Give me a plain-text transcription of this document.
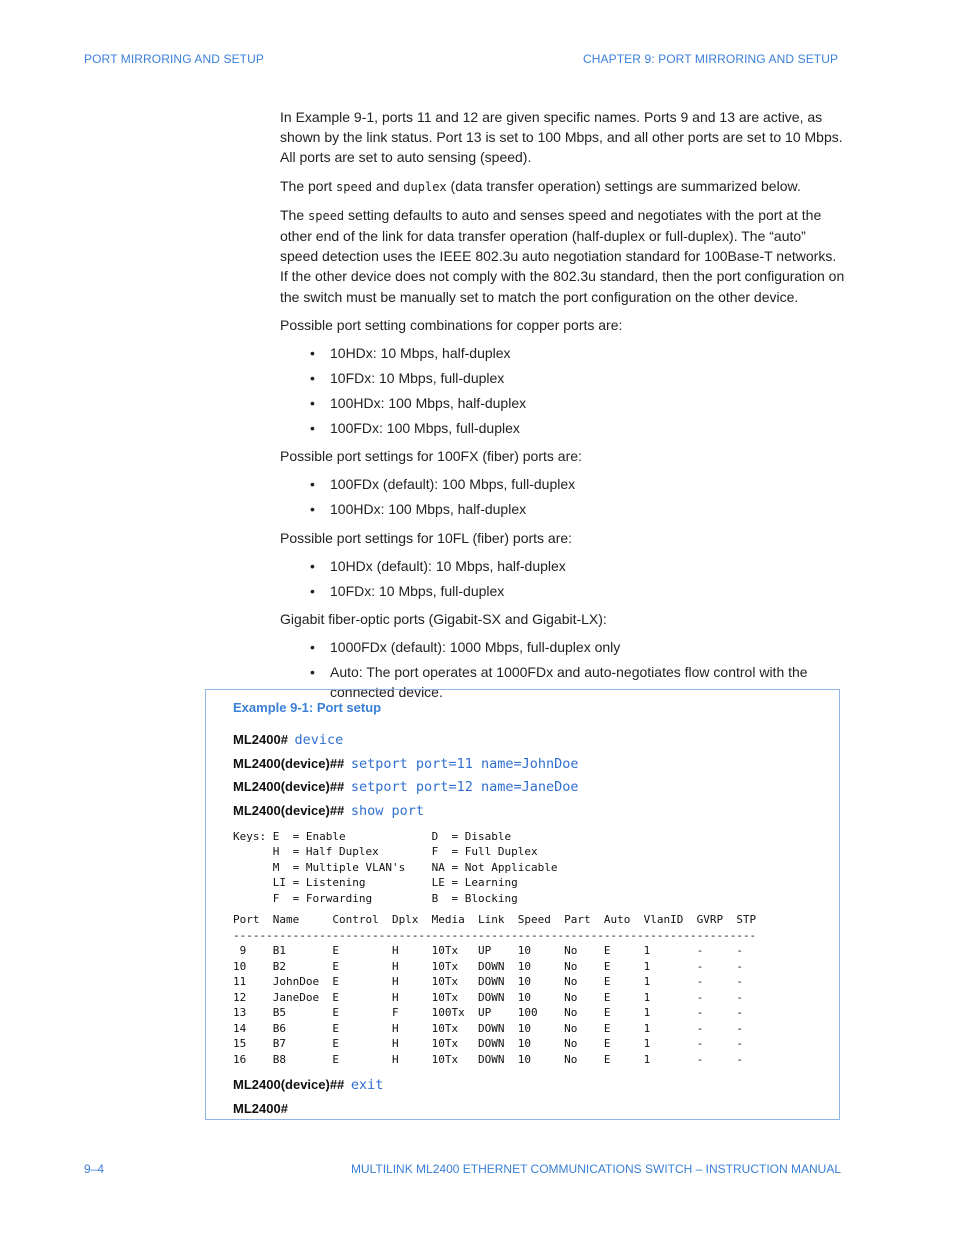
PORT MIRRORING AND SETUP	CHAPTER 9: PORT MIRRORING AND SETUP

In Example 9-1, ports 11 and 12 are given specific names. Ports 9 and 13 are active, as shown by the link status. Port 13 is set to 100 Mbps, and all other ports are set to 10 Mbps. All ports are set to auto sensing (speed).

The port speed and duplex (data transfer operation) settings are summarized below.

The speed setting defaults to auto and senses speed and negotiates with the port at the other end of the link for data transfer operation (half-duplex or full-duplex). The “auto” speed detection uses the IEEE 802.3u auto negotiation standard for 100Base-T networks. If the other device does not comply with the 802.3u standard, then the port configuration on the switch must be manually set to match the port configuration on the other device.

Possible port setting combinations for copper ports are:

• 10HDx: 10 Mbps, half-duplex
• 10FDx: 10 Mbps, full-duplex
• 100HDx: 100 Mbps, half-duplex
• 100FDx: 100 Mbps, full-duplex

Possible port settings for 100FX (fiber) ports are:

• 100FDx (default): 100 Mbps, full-duplex
• 100HDx: 100 Mbps, half-duplex

Possible port settings for 10FL (fiber) ports are:

• 10HDx (default): 10 Mbps, half-duplex
• 10FDx: 10 Mbps, full-duplex

Gigabit fiber-optic ports (Gigabit-SX and Gigabit-LX):

• 1000FDx (default): 1000 Mbps, full-duplex only
• Auto: The port operates at 1000FDx and auto-negotiates flow control with the connected device.
Example 9-1: Port setup
ML2400# device
ML2400(device)## setport port=11 name=JohnDoe
ML2400(device)## setport port=12 name=JaneDoe
ML2400(device)## show port
Keys: E  = Enable             D  = Disable
H  = Half Duplex        F  = Full Duplex
M  = Multiple VLAN's    NA = Not Applicable
LI = Listening          LE = Learning
F  = Forwarding         B  = Blocking
Port  Name     Control  Dplx  Media  Link  Speed  Part  Auto  VlanID  GVRP  STP
-------------------------------------------------------------------------------
9    B1       E        H     10Tx   UP    10     No    E     1       -     -
10    B2       E        H     10Tx   DOWN  10     No    E     1       -     -
11    JohnDoe  E        H     10Tx   DOWN  10     No    E     1       -     -
12    JaneDoe  E        H     10Tx   DOWN  10     No    E     1       -     -
13    B5       E        F     100Tx  UP    100    No    E     1       -     -
14    B6       E        H     10Tx   DOWN  10     No    E     1       -     -
15    B7       E        H     10Tx   DOWN  10     No    E     1       -     -
16    B8       E        H     10Tx   DOWN  10     No    E     1       -     -
ML2400(device)## exit
ML2400#
9–4	MULTILINK ML2400 ETHERNET COMMUNICATIONS SWITCH – INSTRUCTION MANUAL
